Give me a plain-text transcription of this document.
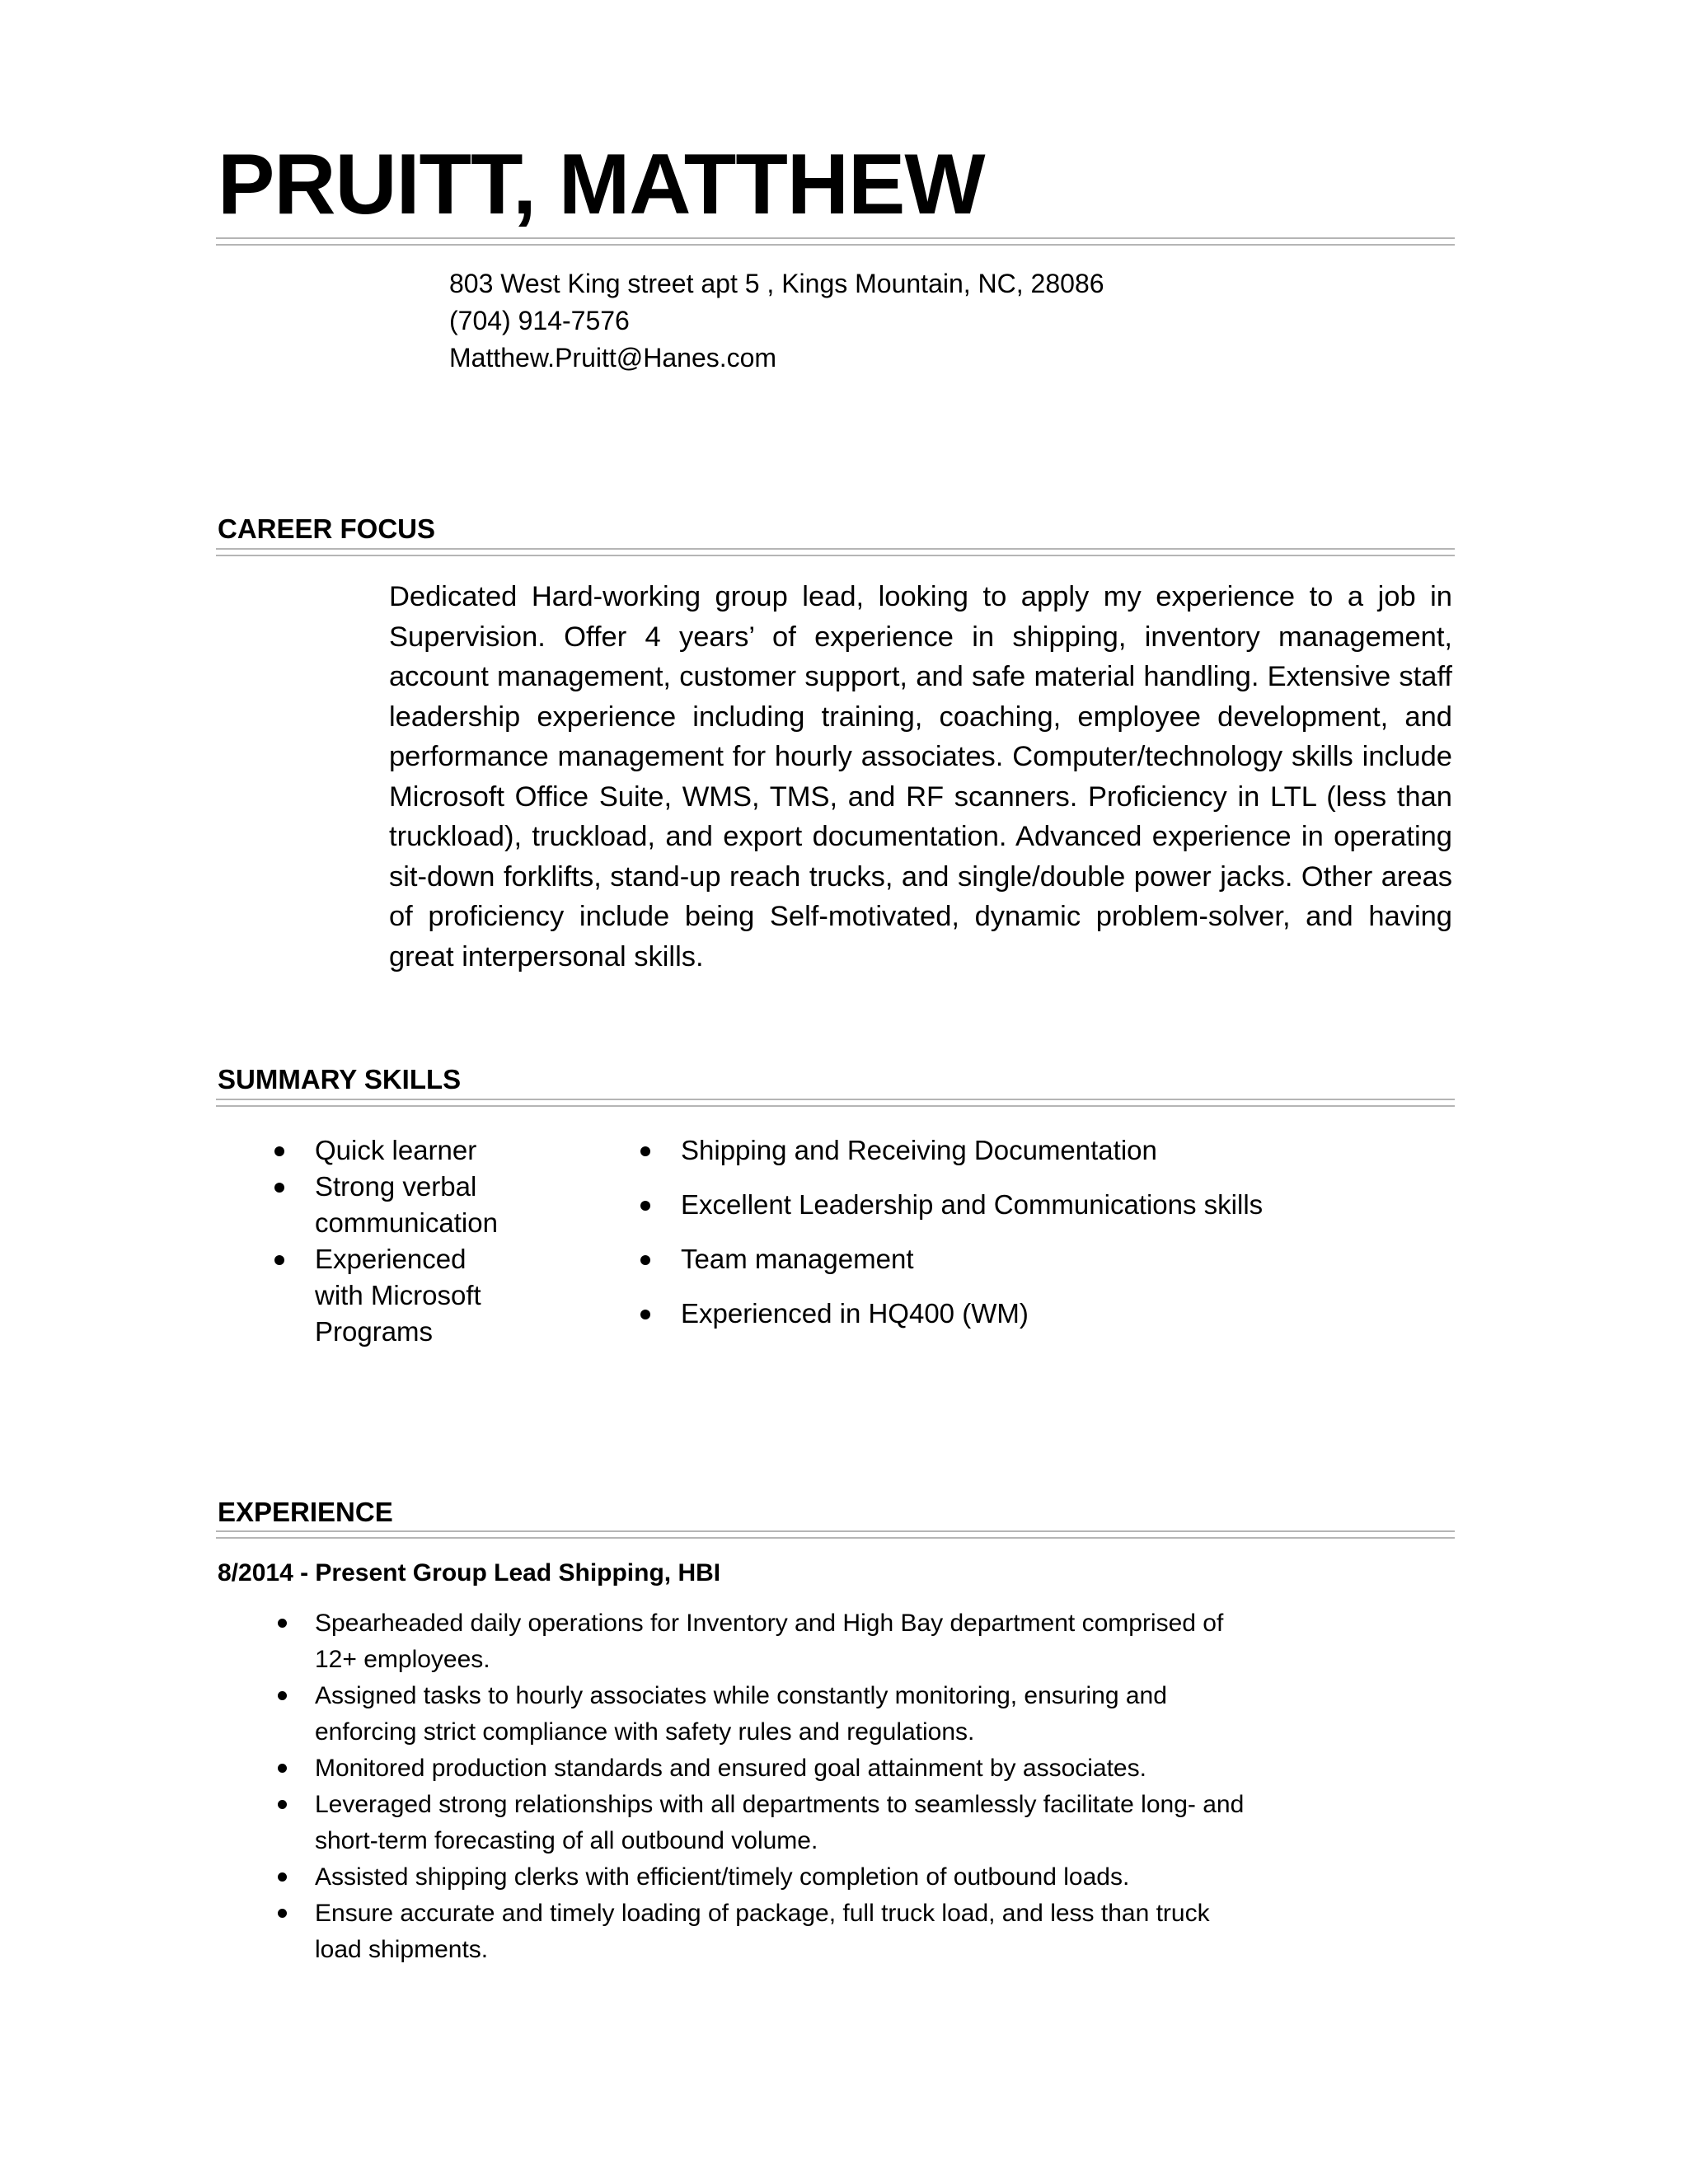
PRUITT, MATTHEW
803 West King street apt 5 , Kings Mountain, NC, 28086
(704) 914-7576
Matthew.Pruitt@Hanes.com
CAREER FOCUS

Dedicated Hard-working group lead, looking to apply my experience to a job in Supervision. Offer 4 years’ of experience in shipping, inventory management, account management, customer support, and safe material handling. Extensive staff leadership experience including training, coaching, employee development, and performance management for hourly associates. Computer/technology skills include Microsoft Office Suite, WMS, TMS, and RF scanners. Proficiency in LTL (less than truckload), truckload, and export documentation. Advanced experience in operating sit-down forklifts, stand-up reach trucks, and single/double power jacks. Other areas of proficiency include being Self-motivated, dynamic problem-solver, and having great interpersonal skills.

SUMMARY SKILLS
Quick learner
Strong verbal communication
Experienced with Microsoft Programs
Shipping and Receiving Documentation
Excellent Leadership and Communications skills
Team management
Experienced in HQ400 (WM)
EXPERIENCE
8/2014 - Present Group Lead Shipping, HBI
Spearheaded daily operations for Inventory and High Bay department comprised of 12+ employees.
Assigned tasks to hourly associates while constantly monitoring, ensuring and enforcing strict compliance with safety rules and regulations.
Monitored production standards and ensured goal attainment by associates.
Leveraged strong relationships with all departments to seamlessly facilitate long- and short-term forecasting of all outbound volume.
Assisted shipping clerks with efficient/timely completion of outbound loads.
Ensure accurate and timely loading of package, full truck load, and less than truck load shipments.
